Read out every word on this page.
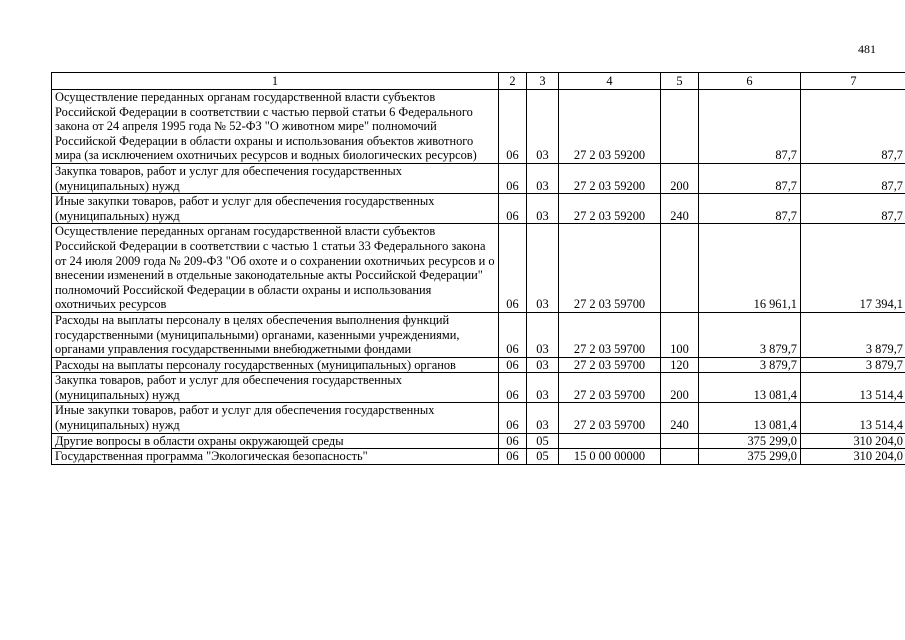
481
1	2	3	4	5	6	7
Осуществление переданных органам государственной власти субъектов Российской Федерации в соответствии с частью первой статьи 6 Федерального закона от 24 апреля 1995 года № 52-ФЗ "О животном мире" полномочий Российской Федерации в области охраны и использования объектов животного мира (за исключением охотничьих ресурсов и водных биологических ресурсов)	06	03	27 2 03 59200		87,7	87,7
Закупка товаров, работ и услуг для обеспечения государственных (муниципальных) нужд	06	03	27 2 03 59200	200	87,7	87,7
Иные закупки товаров, работ и услуг для обеспечения государственных (муниципальных) нужд	06	03	27 2 03 59200	240	87,7	87,7
Осуществление переданных органам государственной власти субъектов Российской Федерации в соответствии с частью 1 статьи 33 Федерального закона от 24 июля 2009 года № 209-ФЗ "Об охоте и о сохранении охотничьих ресурсов и о внесении изменений в отдельные законодательные акты Российской Федерации" полномочий Российской Федерации в области охраны и использования охотничьих ресурсов	06	03	27 2 03 59700		16 961,1	17 394,1
Расходы на выплаты персоналу в целях обеспечения выполнения функций государственными (муниципальными) органами, казенными учреждениями, органами управления государственными внебюджетными фондами	06	03	27 2 03 59700	100	3 879,7	3 879,7
Расходы на выплаты персоналу государственных (муниципальных) органов	06	03	27 2 03 59700	120	3 879,7	3 879,7
Закупка товаров, работ и услуг для обеспечения государственных (муниципальных) нужд	06	03	27 2 03 59700	200	13 081,4	13 514,4
Иные закупки товаров, работ и услуг для обеспечения государственных (муниципальных) нужд	06	03	27 2 03 59700	240	13 081,4	13 514,4
Другие вопросы в области охраны окружающей среды	06	05			375 299,0	310 204,0
Государственная программа "Экологическая безопасность"	06	05	15 0 00 00000		375 299,0	310 204,0
